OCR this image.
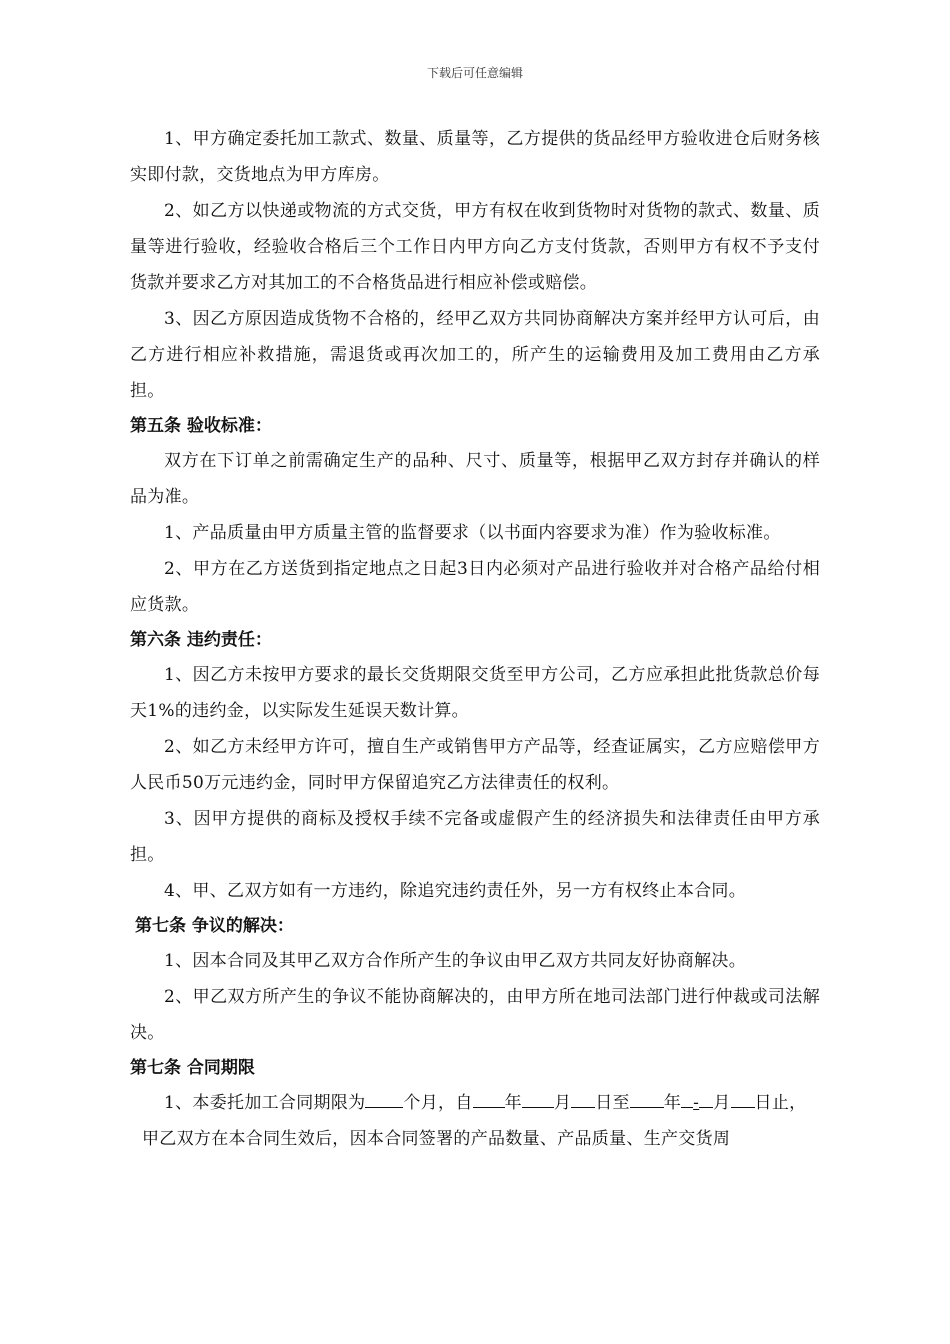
下载后可任意编辑

1、甲方确定委托加工款式、数量、质量等，乙方提供的货品经甲方验收进仓后财务核实即付款，交货地点为甲方库房。

2、如乙方以快递或物流的方式交货，甲方有权在收到货物时对货物的款式、数量、质量等进行验收，经验收合格后三个工作日内甲方向乙方支付货款，否则甲方有权不予支付货款并要求乙方对其加工的不合格货品进行相应补偿或赔偿。

3、因乙方原因造成货物不合格的，经甲乙双方共同协商解决方案并经甲方认可后，由乙方进行相应补救措施，需退货或再次加工的，所产生的运输费用及加工费用由乙方承担。

第五条 验收标准：

双方在下订单之前需确定生产的品种、尺寸、质量等，根据甲乙双方封存并确认的样品为准。

1、产品质量由甲方质量主管的监督要求（以书面内容要求为准）作为验收标准。

2、甲方在乙方送货到指定地点之日起3日内必须对产品进行验收并对合格产品给付相应货款。

第六条 违约责任：

1、因乙方未按甲方要求的最长交货期限交货至甲方公司，乙方应承担此批货款总价每天1%的违约金，以实际发生延误天数计算。

2、如乙方未经甲方许可，擅自生产或销售甲方产品等，经查证属实，乙方应赔偿甲方人民币50万元违约金，同时甲方保留追究乙方法律责任的权利。

3、因甲方提供的商标及授权手续不完备或虚假产生的经济损失和法律责任由甲方承担。

4、甲、乙双方如有一方违约，除追究违约责任外，另一方有权终止本合同。

第七条 争议的解决：

1、因本合同及其甲乙双方合作所产生的争议由甲乙双方共同友好协商解决。

2、甲乙双方所产生的争议不能协商解决的，由甲方所在地司法部门进行仲裁或司法解决。

第七条 合同期限

1、本委托加工合同期限为 个月，自 年 月 日至 年 - 月 日止，

甲乙双方在本合同生效后，因本合同签署的产品数量、产品质量、生产交货周
